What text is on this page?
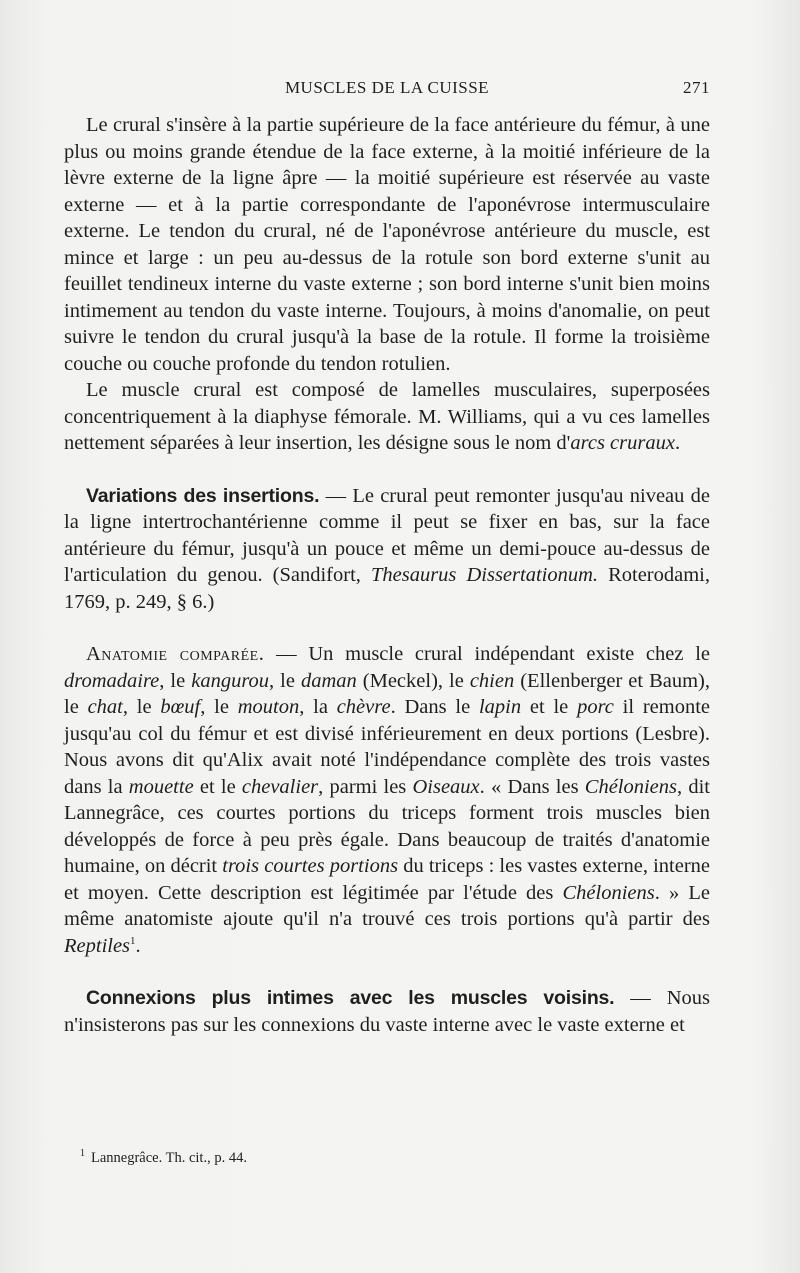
MUSCLES DE LA CUISSE	271

Le crural s'insère à la partie supérieure de la face antérieure du fémur, à une plus ou moins grande étendue de la face externe, à la moitié inférieure de la lèvre externe de la ligne âpre — la moitié supérieure est réservée au vaste externe — et à la partie correspondante de l'aponévrose intermusculaire externe. Le tendon du crural, né de l'aponévrose antérieure du muscle, est mince et large : un peu au-dessus de la rotule son bord externe s'unit au feuillet tendineux interne du vaste externe ; son bord interne s'unit bien moins intimement au tendon du vaste interne. Toujours, à moins d'anomalie, on peut suivre le tendon du crural jusqu'à la base de la rotule. Il forme la troisième couche ou couche profonde du tendon rotulien.

Le muscle crural est composé de lamelles musculaires, superposées concentriquement à la diaphyse fémorale. M. Williams, qui a vu ces lamelles nettement séparées à leur insertion, les désigne sous le nom d'arcs cruraux.

Variations des insertions. — Le crural peut remonter jusqu'au niveau de la ligne intertrochantérienne comme il peut se fixer en bas, sur la face antérieure du fémur, jusqu'à un pouce et même un demi-pouce au-dessus de l'articulation du genou. (Sandifort, Thesaurus Dissertationum. Roterodami, 1769, p. 249, § 6.)

Anatomie comparée. — Un muscle crural indépendant existe chez le dromadaire, le kangurou, le daman (Meckel), le chien (Ellenberger et Baum), le chat, le bœuf, le mouton, la chèvre. Dans le lapin et le porc il remonte jusqu'au col du fémur et est divisé inférieurement en deux portions (Lesbre). Nous avons dit qu'Alix avait noté l'indépendance complète des trois vastes dans la mouette et le chevalier, parmi les Oiseaux. « Dans les Chéloniens, dit Lannegrâce, ces courtes portions du triceps forment trois muscles bien développés de force à peu près égale. Dans beaucoup de traités d'anatomie humaine, on décrit trois courtes portions du triceps : les vastes externe, interne et moyen. Cette description est légitimée par l'étude des Chéloniens. » Le même anatomiste ajoute qu'il n'a trouvé ces trois portions qu'à partir des Reptiles$^1$.

Connexions plus intimes avec les muscles voisins. — Nous n'insisterons pas sur les connexions du vaste interne avec le vaste externe et

$^1$ Lannegrâce. Th. cit., p. 44.
